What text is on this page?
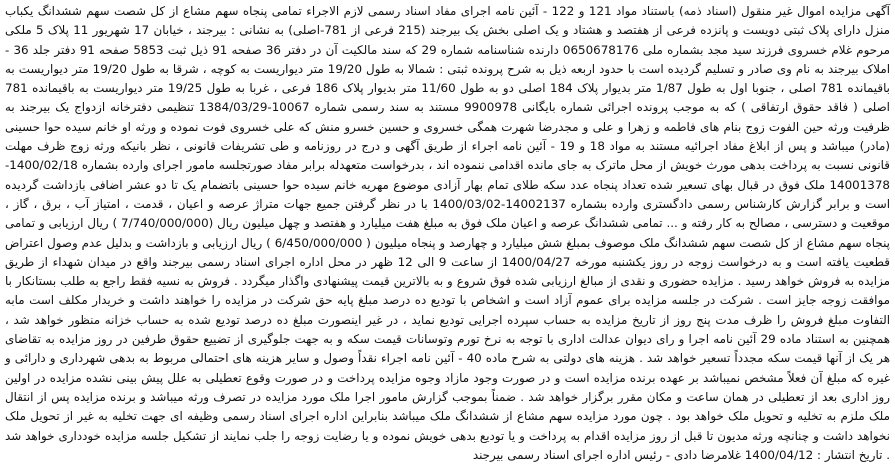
آگهی مزایده اموال غیر منقول (اسناد ذمه) باستناد مواد 121 و 122 - آئین نامه اجرای مفاد اسناد رسمی لازم الاجراء تمامی پنجاه سهم مشاع از کل شصت سهم ششدانگ یکباب منزل دارای پلاک ثبتی دویست و پانزده فرعی از هفتصد و هشتاد و یک اصلی بخش یک بیرجند (215 فرعی از 781-اصلی) به نشانی : بیرجند ، خیابان 17 شهریور 11 پلاک 5 ملکی مرحوم غلام خسروی فرزند سید مجد بشماره ملی 0650678176 دارنده شناسنامه شماره 29 که سند مالکیت آن در دفتر 36 صفحه 91 ذیل ثبت 5853 صفحه 91 دفتر جلد 36 - املاک بیرجند به نام وی صادر و تسلیم گردیده است با حدود اربعه ذیل به شرح پرونده ثبتی : شمالا به طول 19/20 متر دیواریست به کوچه ، شرقا به طول 19/20 متر دیواریست به باقیمانده 781 اصلی ، جنوبا اول به طول 1/87 متر بدیوار پلاک 184 اصلی دو به طول 11/60 متر بدیوار پلاک 186 فرعی ، غربا به طول 19/25 متر دیواریست به باقیمانده 781 اصلی ( فاقد حقوق ارتفاقی ) که به موجب پرونده اجرائی شماره بایگانی 9900978 مستند به سند رسمی شماره 10067-1384/03/29 تنظیمی دفترخانه ازدواج یک بیرجند به ظرفیت ورثه حین الفوت زوج بنام های فاطمه و زهرا و علی و مجدرضا شهرت همگی خسروی و حسین خسرو منش که علی خسروی فوت نموده و ورثه او خانم سیده حوا حسینی (مادر) میباشد و پس از ابلاغ مفاد اجرائیه مستند به مواد 18 و 19 - آئین نامه اجراء از طریق آگهی و درج در روزنامه و طی تشریفات قانونی ، نظر بانیکه ورثه زوج ظرف مهلت قانونی نسبت به پرداخت بدهی مورث خویش از محل ماترک به جای مانده اقدامی ننموده اند ، بدرخواست متعهدله برابر مفاد صورتجلسه مامور اجرای وارده بشماره 1400/02/18-14001378 ملک فوق در قبال بهای تسعیر شده تعداد پنجاه عدد سکه طلای تمام بهار آزادی موضوع مهریه خانم سیده حوا حسینی باتضمام یک تا دو عشر اضافی بازداشت گردیده است و برابر گزارش کارشناس رسمی دادگستری وارده بشماره 14002137-1400/03/02 با در نظر گرفتن جمیع جهات متراژ عرصه و اعیان ، قدمت ، امتیاز آب ، برق ، گاز ، موقعیت و دسترسی ، مصالح به کار رفته و ... تمامی ششدانگ عرصه و اعیان ملک فوق به مبلغ هفت میلیارد و هفتصد و چهل میلیون ریال (7/740/000/000 ) ریال ارزیابی و تمامی پنجاه سهم مشاع از کل شصت سهم ششدانگ ملک موصوف بمبلغ شش میلیارد و چهارصد و پنجاه میلیون ( 6/450/000/000 ) ریال ارزیابی و بازداشت و بدلیل عدم وصول اعتراض قطعیت یافته است و به درخواست زوجه در روز یکشنبه مورخه 1400/04/27 از ساعت 9 الی 12 ظهر در محل اداره اجرای اسناد رسمی بیرجند واقع در میدان شهداء از طریق مزایده به فروش خواهد رسید . مزایده حضوری و نقدی از مبالغ ارزیابی شده فوق شروع و به بالاترین قیمت پیشنهادی واگذار میگردد . فروش به نسیه فقط راجع به طلب بستانکار با موافقت زوجه جایز است . شرکت در جلسه مزایده برای عموم آزاد است و اشخاص با تودیع ده درصد مبلغ پایه حق شرکت در مزایده را خواهند داشت و خریدار مکلف است مابه التفاوت مبلغ فروش را ظرف مدت پنج روز از تاریخ مزایده به حساب سپرده اجرایی تودیع نماید ، در غیر اینصورت مبلغ ده درصد تودیع شده به حساب خزانه منظور خواهد شد ، همچنین به استناد ماده 29 آئین نامه اجرا و رای دیوان عدالت اداری با توجه به نرخ تورم وتوسانات قیمت سکه و به جهت جلوگیری از تضییع حقوق طرفین در روز مزایده به تقاضای هر یک از آنها قیمت سکه مجدداً تسعیر خواهد شد . هزینه های دولتی به شرح ماده 40 - آئین نامه اجراء نقداً وصول و سایر هزینه های احتمالی مربوط به بدهی شهرداری و دارائی و غیره که مبلغ آن فعلاً مشخص نمیباشد بر عهده برنده مزایده است و در صورت وجود مازاد وجوه مزایده پرداخت و در صورت وقوع تعطیلی به علل پیش بینی نشده مزایده در اولین روز اداری بعد از تعطیلی در همان ساعت و مکان مقرر برگزار خواهد شد . ضمناً بموجب گزارش مامور اجرا ملک مورد مزایده در تصرف ورثه میباشد و برنده مزایده پس از انتقال ملک ملزم به تخلیه و تحویل ملک خواهد بود . چون مورد مزایده سهم مشاع از ششدانگ ملک میباشد بنابراین اداره اجرای اسناد رسمی وظیفه ای جهت تخلیه به غیر از تحویل ملک نخواهد داشت و چنانچه ورثه مدیون تا قبل از روز مزایده اقدام به پرداخت و یا تودیع بدهی خویش نموده و یا رضایت زوجه را جلب نمایند از تشکیل جلسه مزایده خودداری خواهد شد . تاریخ انتشار : 1400/04/12 غلامرضا دادی - رئیس اداره اجرای اسناد رسمی بیرجند
